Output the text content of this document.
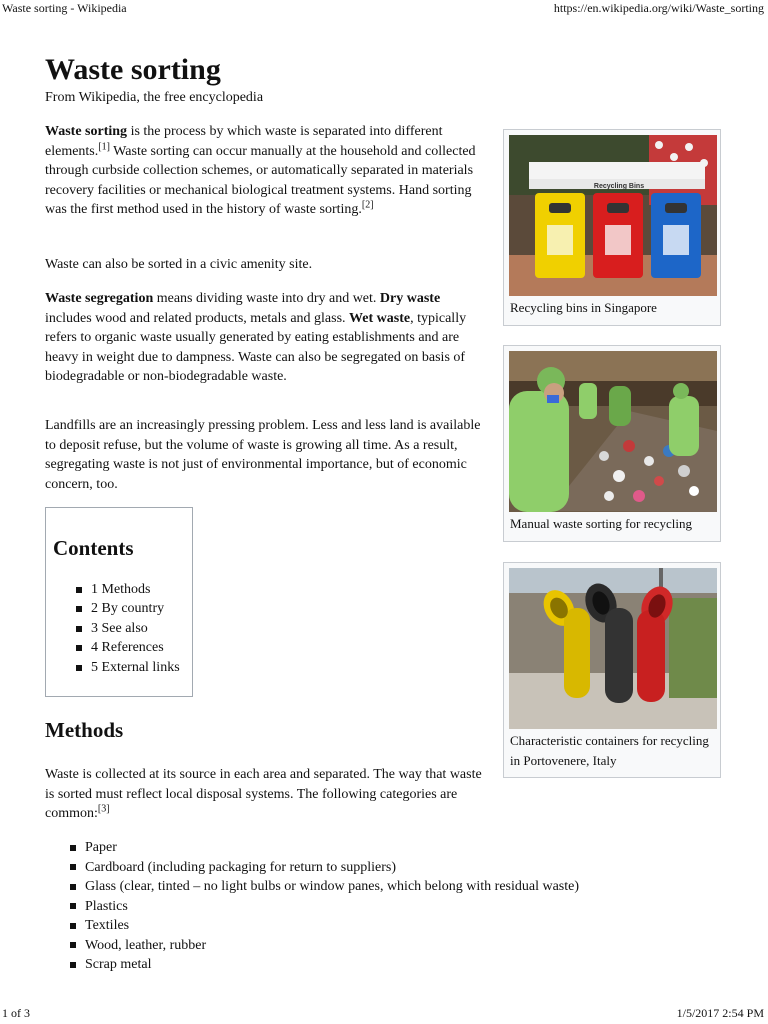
Waste sorting - Wikipedia	https://en.wikipedia.org/wiki/Waste_sorting
Waste sorting
From Wikipedia, the free encyclopedia

Waste sorting is the process by which waste is separated into different elements.[1] Waste sorting can occur manually at the household and collected through curbside collection schemes, or automatically separated in materials recovery facilities or mechanical biological treatment systems. Hand sorting was the first method used in the history of waste sorting.[2]

Waste can also be sorted in a civic amenity site.

Waste segregation means dividing waste into dry and wet. Dry waste includes wood and related products, metals and glass. Wet waste, typically refers to organic waste usually generated by eating establishments and are heavy in weight due to dampness. Waste can also be segregated on basis of biodegradable or non-biodegradable waste.

Landfills are an increasingly pressing problem. Less and less land is available to deposit refuse, but the volume of waste is growing all time. As a result, segregating waste is not just of environmental importance, but of economic concern, too.

Contents
1 Methods
2 By country
3 See also
4 References
5 External links
Methods

Waste is collected at its source in each area and separated. The way that waste is sorted must reflect local disposal systems. The following categories are common:[3]

Paper
Cardboard (including packaging for return to suppliers)
Glass (clear, tinted – no light bulbs or window panes, which belong with residual waste)
Plastics
Textiles
Wood, leather, rubber
Scrap metal
Recycling Bins
Recycling bins in Singapore
Manual waste sorting for recycling
Characteristic containers for recycling in Portovenere, Italy
1 of 3	1/5/2017 2:54 PM
